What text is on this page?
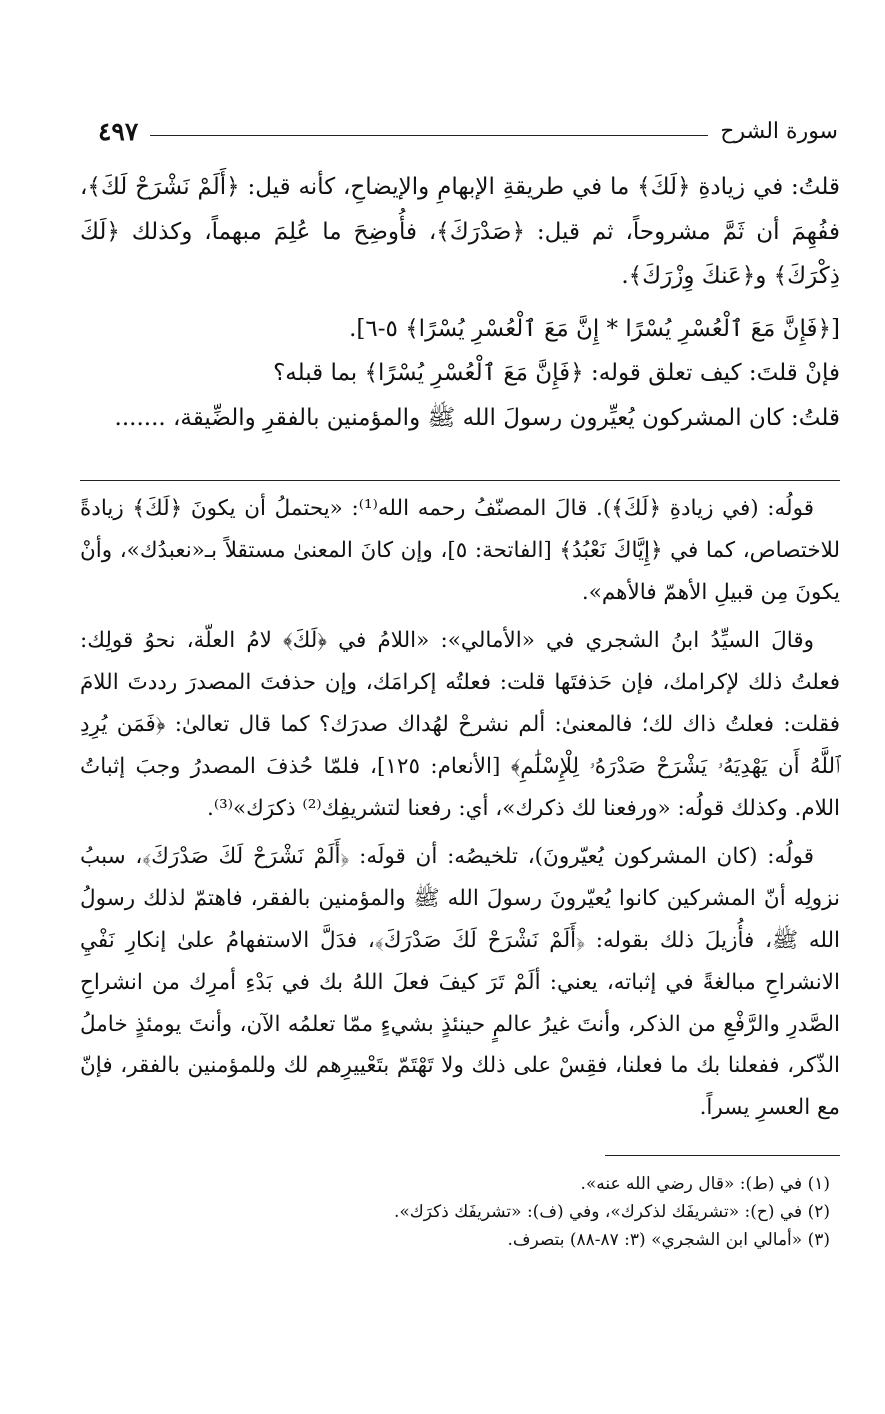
سورة الشرح
٤٩٧

قلتُ: في زيادةِ ﴿لَكَ﴾ ما في طريقةِ الإبهامِ والإيضاحِ، كأنه قيل: ﴿أَلَمْ نَشْرَحْ لَكَ﴾، ففُهِمَ أن ثَمَّ مشروحاً، ثم قيل: ﴿صَدْرَكَ﴾، فأُوضِحَ ما عُلِمَ مبهماً، وكذلك ﴿لَكَ ذِكْرَكَ﴾ و﴿عَنكَ وِزْرَكَ﴾.

[﴿فَإِنَّ مَعَ ٱلْعُسْرِ يُسْرًا * إِنَّ مَعَ ٱلْعُسْرِ يُسْرًا﴾ ٥-٦].

فإنْ قلتَ: كيف تعلق قوله: ﴿فَإِنَّ مَعَ ٱلْعُسْرِ يُسْرًا﴾ بما قبله؟

قلتُ: كان المشركون يُعيِّرون رسولَ الله ﷺ والمؤمنين بالفقرِ والضِّيقة، .......

قولُه: (في زيادةِ ﴿لَكَ﴾). قالَ المصنّفُ رحمه الله⁽¹⁾: «يحتملُ أن يكونَ ﴿لَكَ﴾ زيادةً للاختصاص، كما في ﴿إِيَّاكَ نَعْبُدُ﴾ [الفاتحة: ٥]، وإن كانَ المعنىٰ مستقلاً بـ«نعبدُك»، وأنْ يكونَ مِن قبيلِ الأهمّ فالأهم».

وقالَ السيِّدُ ابنُ الشجري في «الأمالي»: «اللامُ في ﴿لَكَ﴾ لامُ العلّة، نحوُ قولِك: فعلتُ ذلك لإكرامك، فإن حَذفتَها قلت: فعلتُه إكرامَك، وإن حذفتَ المصدرَ رددتَ اللامَ فقلت: فعلتُ ذاك لك؛ فالمعنىٰ: ألم نشرحْ لهُداك صدرَك؟ كما قال تعالىٰ: ﴿فَمَن يُرِدِ ٱللَّهُ أَن يَهْدِيَهُۥ يَشْرَحْ صَدْرَهُۥ لِلْإِسْلَٰمِ﴾ [الأنعام: ١٢٥]، فلمّا حُذفَ المصدرُ وجبَ إثباتُ اللام. وكذلك قولُه: «ورفعنا لك ذكرك»، أي: رفعنا لتشريفِك⁽²⁾ ذكرَك»⁽³⁾.

قولُه: (كان المشركون يُعيّرونَ)، تلخيصُه: أن قولَه: ﴿أَلَمْ نَشْرَحْ لَكَ صَدْرَكَ﴾، سببُ نزولِه أنّ المشركين كانوا يُعيّرونَ رسولَ الله ﷺ والمؤمنين بالفقر، فاهتمّ لذلك رسولُ الله ﷺ، فأُزيلَ ذلك بقوله: ﴿أَلَمْ نَشْرَحْ لَكَ صَدْرَكَ﴾، فدَلَّ الاستفهامُ علىٰ إنكارِ نَفْيِ الانشراحِ مبالغةً في إثباته، يعني: ألَمْ تَرَ كيفَ فعلَ اللهُ بك في بَدْءِ أمرِك من انشراحِ الصَّدرِ والرَّفْعِ من الذكر، وأنتَ غيرُ عالمٍ حينئذٍ بشيءٍ ممّا تعلمُه الآن، وأنتَ يومئذٍ خاملُ الذّكر، ففعلنا بك ما فعلنا، فقِسْ على ذلك ولا تَهْتَمّ بتَعْييرِهم لك وللمؤمنين بالفقر، فإنّ مع العسرِ يسراً.

(١) في (ط): «قال رضي الله عنه».
(٢) في (ح): «تشريفَك لذكرك»، وفي (ف): «تشريفَك ذكرَك».
(٣) «أمالي ابن الشجري» (٣: ٨٧-٨٨) بتصرف.
